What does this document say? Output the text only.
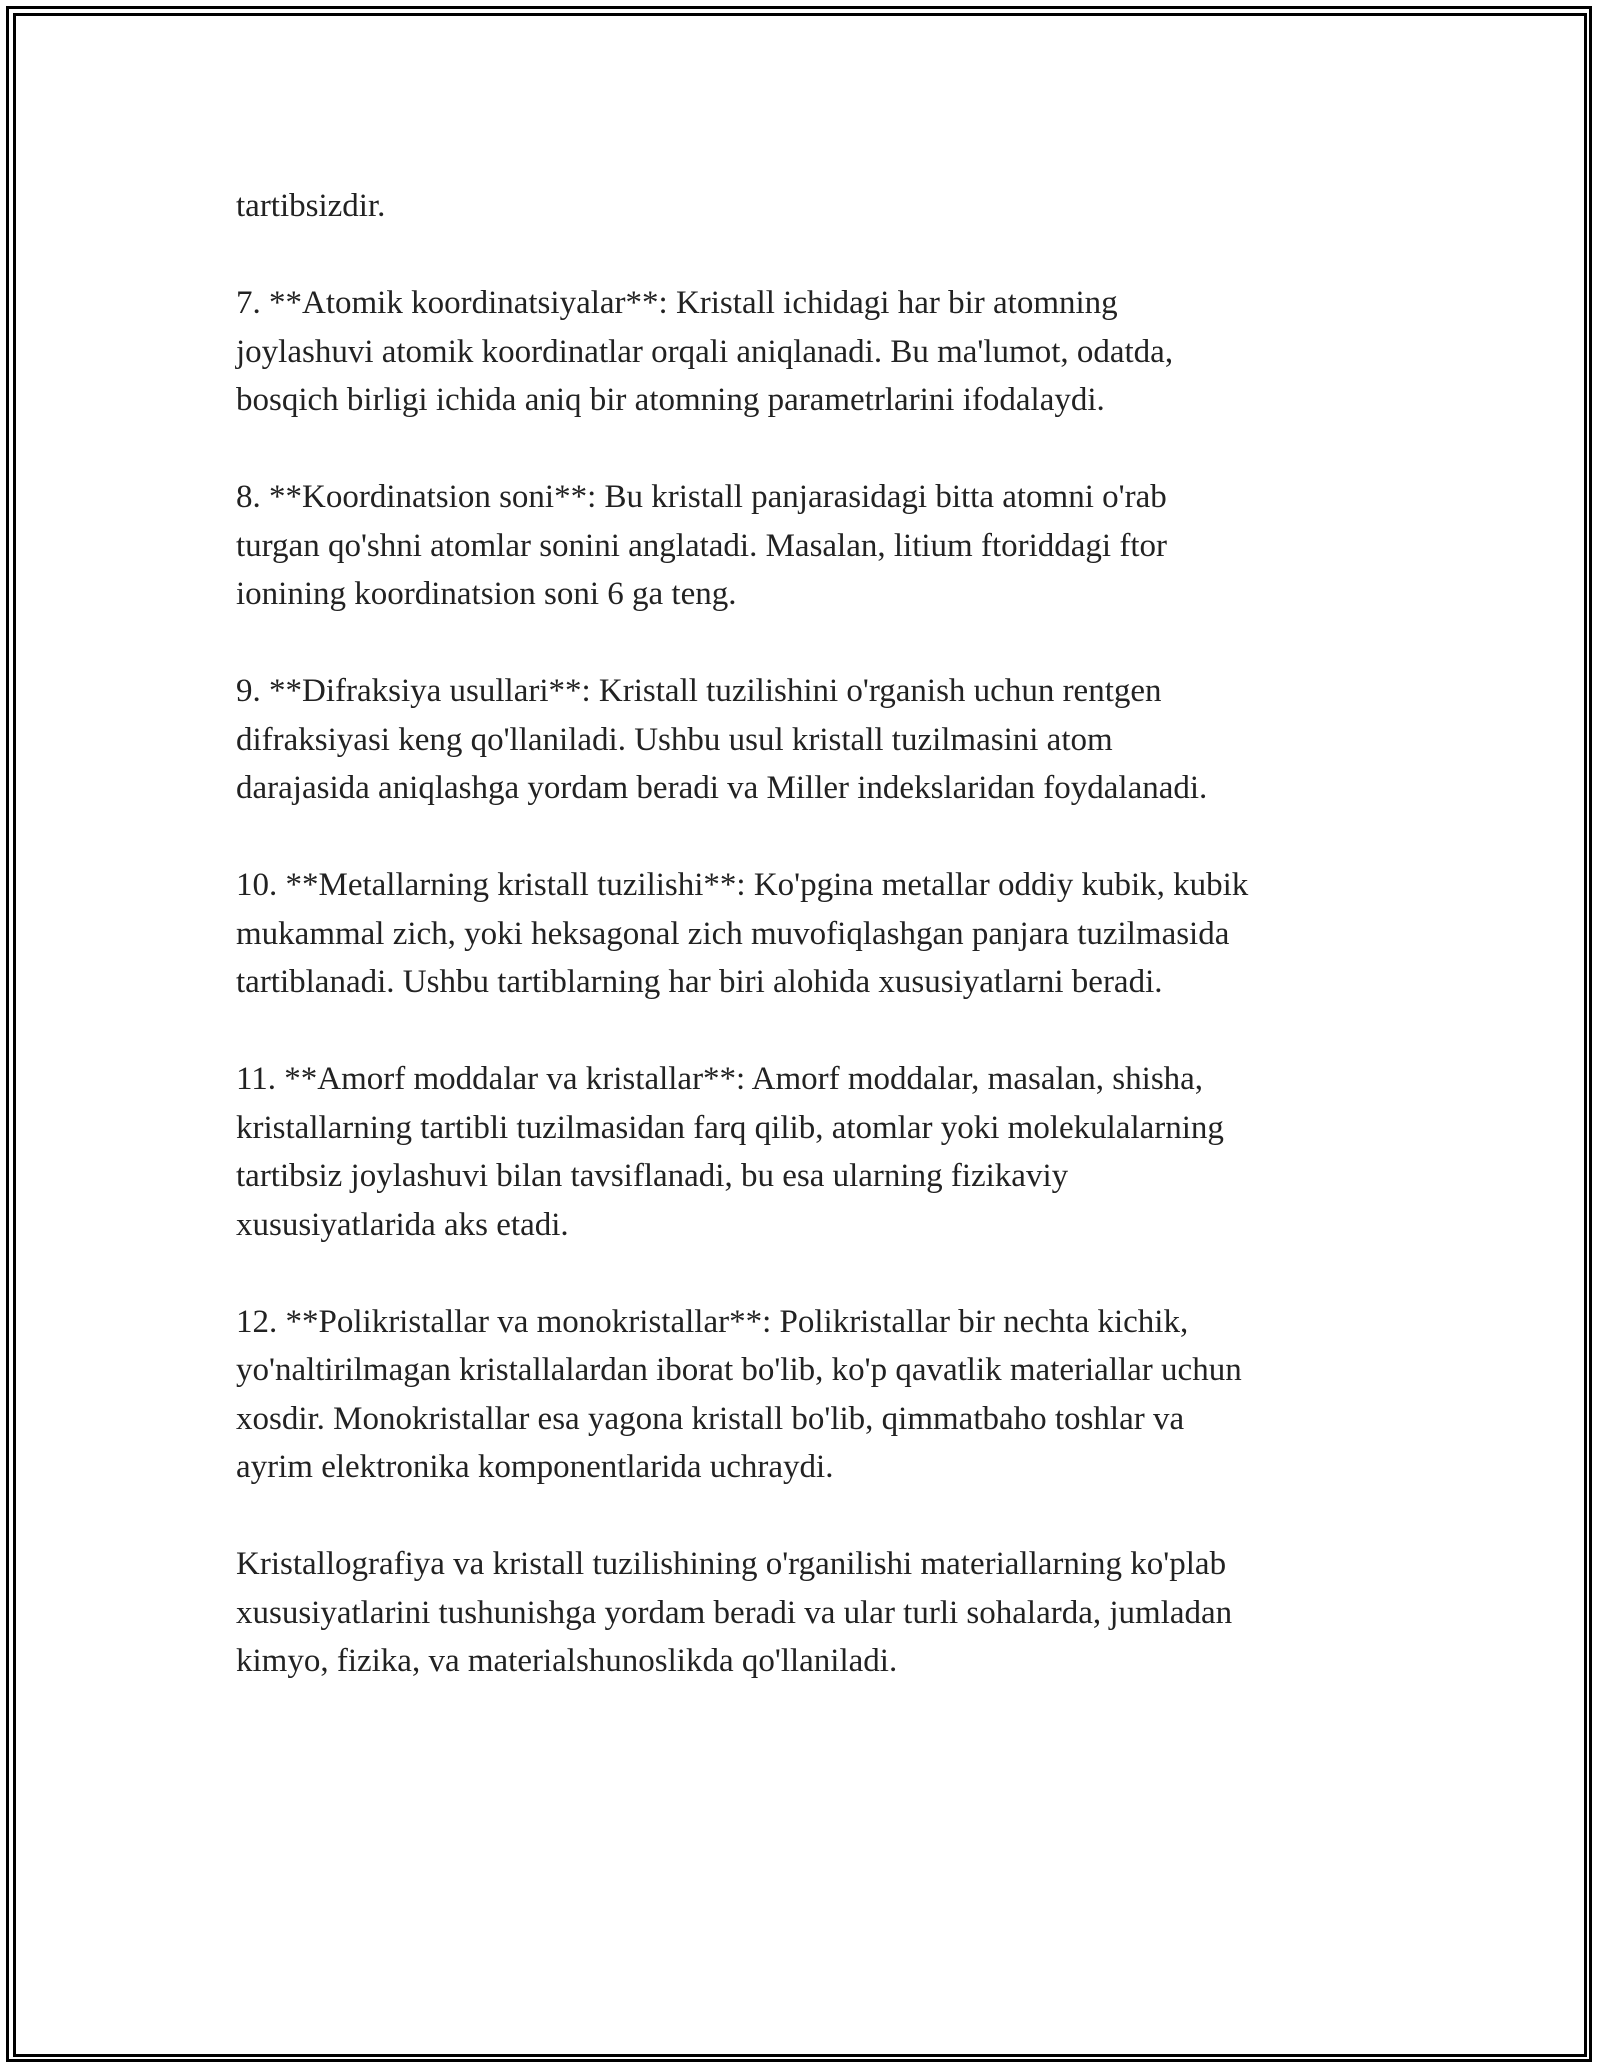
tartibsizdir.

7. **Atomik koordinatsiyalar**: Kristall ichidagi har bir atomning
joylashuvi atomik koordinatlar orqali aniqlanadi. Bu ma'lumot, odatda,
bosqich birligi ichida aniq bir atomning parametrlarini ifodalaydi.

8. **Koordinatsion soni**: Bu kristall panjarasidagi bitta atomni o'rab
turgan qo'shni atomlar sonini anglatadi. Masalan, litium ftoriddagi ftor
ionining koordinatsion soni 6 ga teng.

9. **Difraksiya usullari**: Kristall tuzilishini o'rganish uchun rentgen
difraksiyasi keng qo'llaniladi. Ushbu usul kristall tuzilmasini atom
darajasida aniqlashga yordam beradi va Miller indekslaridan foydalanadi.

10. **Metallarning kristall tuzilishi**: Ko'pgina metallar oddiy kubik, kubik
mukammal zich, yoki heksagonal zich muvofiqlashgan panjara tuzilmasida
tartiblanadi. Ushbu tartiblarning har biri alohida xususiyatlarni beradi.

11. **Amorf moddalar va kristallar**: Amorf moddalar, masalan, shisha,
kristallarning tartibli tuzilmasidan farq qilib, atomlar yoki molekulalarning
tartibsiz joylashuvi bilan tavsiflanadi, bu esa ularning fizikaviy
xususiyatlarida aks etadi.

12. **Polikristallar va monokristallar**: Polikristallar bir nechta kichik,
yo'naltirilmagan kristallalardan iborat bo'lib, ko'p qavatlik materiallar uchun
xosdir. Monokristallar esa yagona kristall bo'lib, qimmatbaho toshlar va
ayrim elektronika komponentlarida uchraydi.

Kristallografiya va kristall tuzilishining o'rganilishi materiallarning ko'plab
xususiyatlarini tushunishga yordam beradi va ular turli sohalarda, jumladan
kimyo, fizika, va materialshunoslikda qo'llaniladi.
